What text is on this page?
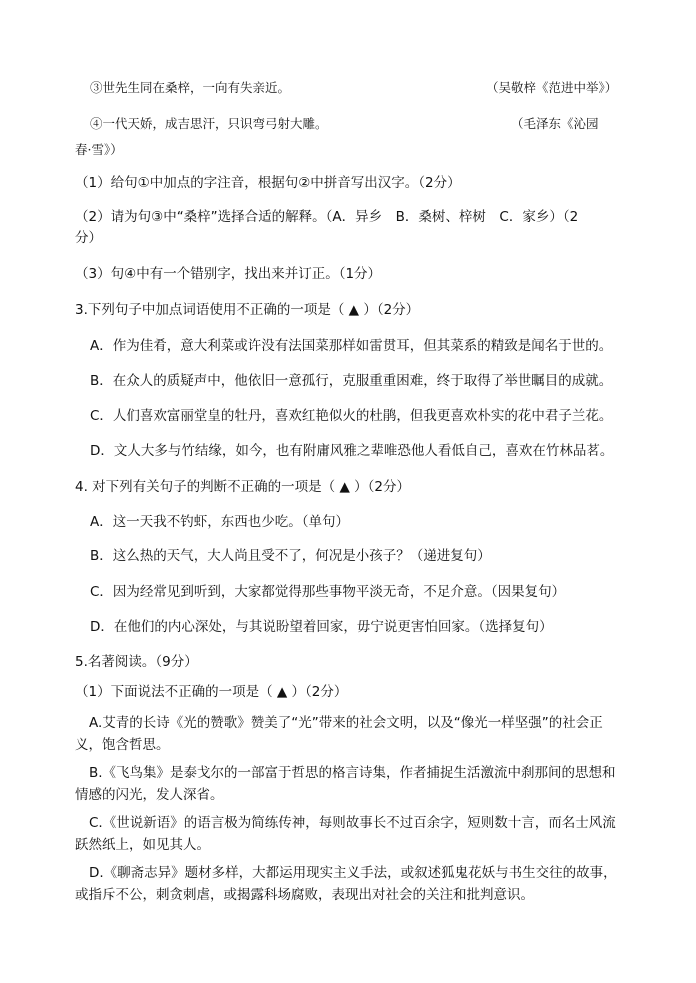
③世先生同在桑梓，一向有失亲近。	（吴敬梓《范进中举》）
④一代天娇，成吉思汗，只识弯弓射大雕。	（毛泽东《沁园
春·雪》）
（1）给句①中加点的字注音，根据句②中拼音写出汉字。（2分）
（2）请为句③中“桑梓”选择合适的解释。（A．异乡　B．桑树、梓树　C．家乡）（2
分）
（3）句④中有一个错别字，找出来并订正。（1分）
3.下列句子中加点词语使用不正确的一项是（ ▲ ）（2分）
A．作为佳肴，意大利菜或许没有法国菜那样如雷贯耳，但其菜系的精致是闻名于世的。
B．在众人的质疑声中，他依旧一意孤行，克服重重困难，终于取得了举世瞩目的成就。
C．人们喜欢富丽堂皇的牡丹，喜欢红艳似火的杜鹃，但我更喜欢朴实的花中君子兰花。
D．文人大多与竹结缘，如今，也有附庸风雅之辈唯恐他人看低自己，喜欢在竹林品茗。
4. 对下列有关句子的判断不正确的一项是（ ▲ ）（2分）
A．这一天我不钓虾，东西也少吃。（单句）
B．这么热的天气，大人尚且受不了，何况是小孩子？（递进复句）
C．因为经常见到听到，大家都觉得那些事物平淡无奇，不足介意。（因果复句）
D．在他们的内心深处，与其说盼望着回家，毋宁说更害怕回家。（选择复句）
5.名著阅读。（9分）
（1）下面说法不正确的一项是（ ▲ ）（2分）
A.艾青的长诗《光的赞歌》赞美了“光”带来的社会文明，以及“像光一样坚强”的社会正义，饱含哲思。
B.《飞鸟集》是泰戈尔的一部富于哲思的格言诗集，作者捕捉生活激流中刹那间的思想和情感的闪光，发人深省。
C.《世说新语》的语言极为简练传神，每则故事长不过百余字，短则数十言，而名士风流跃然纸上，如见其人。
D.《聊斋志异》题材多样，大都运用现实主义手法，或叙述狐鬼花妖与书生交往的故事，或指斥不公，刺贪刺虐，或揭露科场腐败，表现出对社会的关注和批判意识。
